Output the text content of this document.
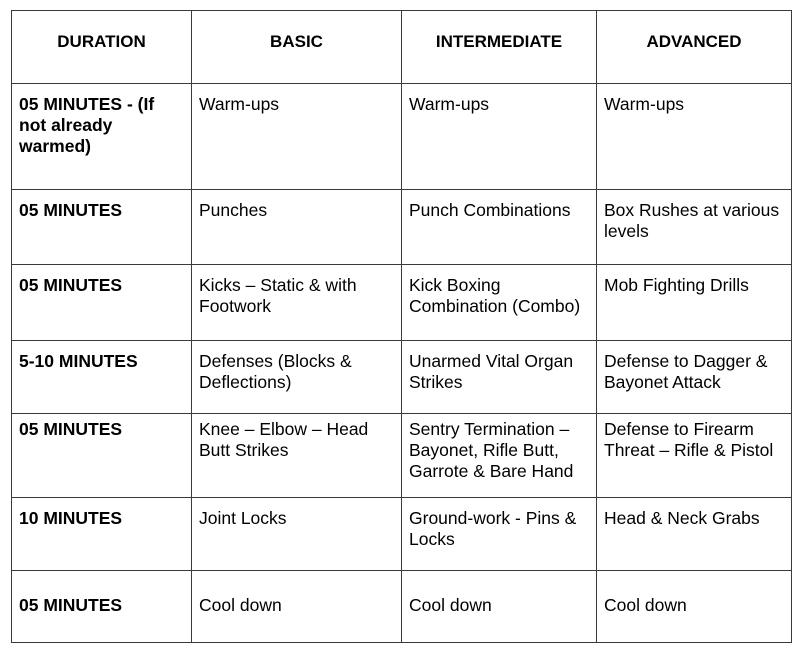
DURATION	BASIC	INTERMEDIATE	ADVANCED
05 MINUTES - (If not already warmed)	Warm-ups	Warm-ups	Warm-ups
05 MINUTES	Punches	Punch Combinations	Box Rushes at various levels
05 MINUTES	Kicks – Static & with Footwork	Kick Boxing Combination (Combo)	Mob Fighting Drills
5-10 MINUTES	Defenses (Blocks & Deflections)	Unarmed Vital Organ Strikes	Defense to Dagger & Bayonet Attack
05 MINUTES	Knee – Elbow – Head Butt Strikes	Sentry Termination – Bayonet, Rifle Butt, Garrote & Bare Hand	Defense to Firearm Threat – Rifle & Pistol
10 MINUTES	Joint Locks	Ground-work - Pins & Locks	Head & Neck Grabs
05 MINUTES	Cool down	Cool down	Cool down
